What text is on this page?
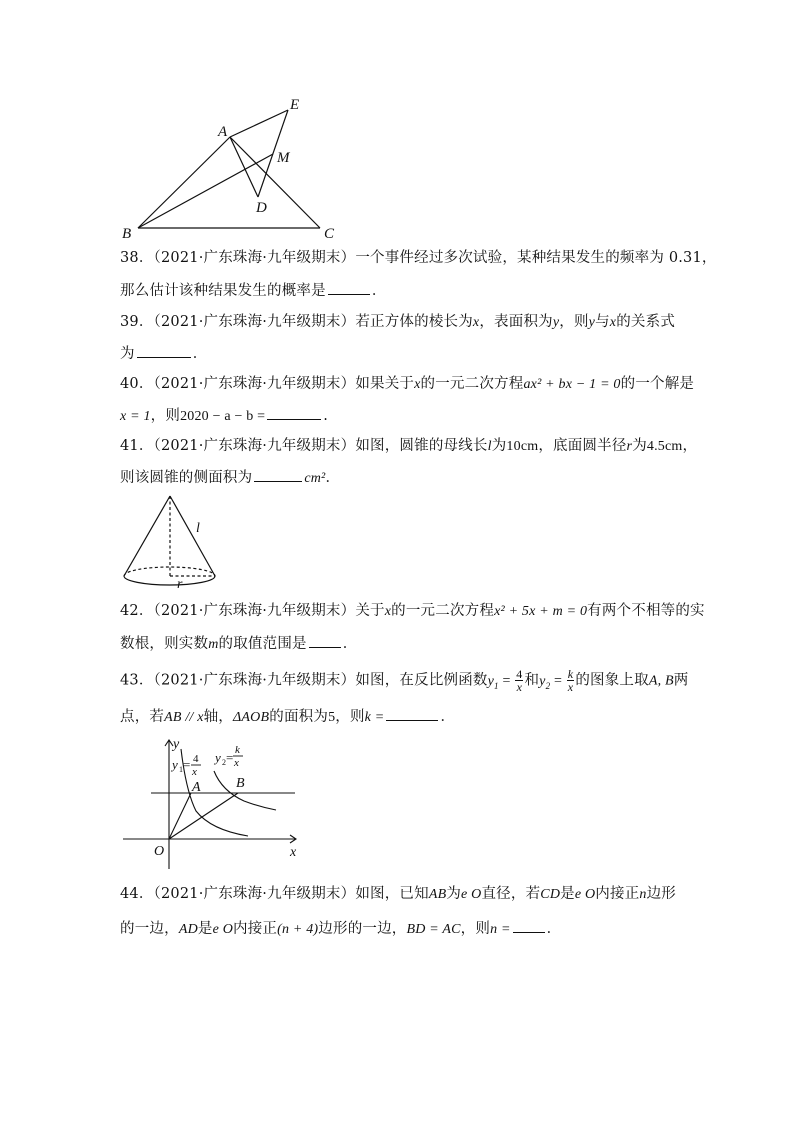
A
E
M
D
B	C
38．（2021·广东珠海·九年级期末）一个事件经过多次试验，某种结果发生的频率为 0.31，
那么估计该种结果发生的概率是	．
39．（2021·广东珠海·九年级期末）若正方体的棱长为x，表面积为y，则y与x的关系式
为	．
40．（2021·广东珠海·九年级期末）如果关于x的一元二次方程ax² + bx − 1 = 0的一个解是
x = 1，则2020 − a − b =	.
41．（2021·广东珠海·九年级期末）如图，圆锥的母线长l为10cm，底面圆半径r为4.5cm，
则该圆锥的侧面积为	cm²．
l
r
42．（2021·广东珠海·九年级期末）关于x的一元二次方程x² + 5x + m = 0有两个不相等的实
数根，则实数m的取值范围是 ．
43．（2021·广东珠海·九年级期末）如图，在反比例函数$y_1 = \frac{4}{x}$ 和$y_2 = \frac{k}{x}$ 的图象上取A, B两
点，若AB // x轴，ΔAOB的面积为5，则k =	．
y
x
O
A	B
y 1 = 4
x
y 2 = k
x
44．（2021·广东珠海·九年级期末）如图，已知AB为e O直径，若CD是e O内接正n边形
的一边，AD是e O内接正(n + 4)边形的一边，BD = AC，则n = ．
